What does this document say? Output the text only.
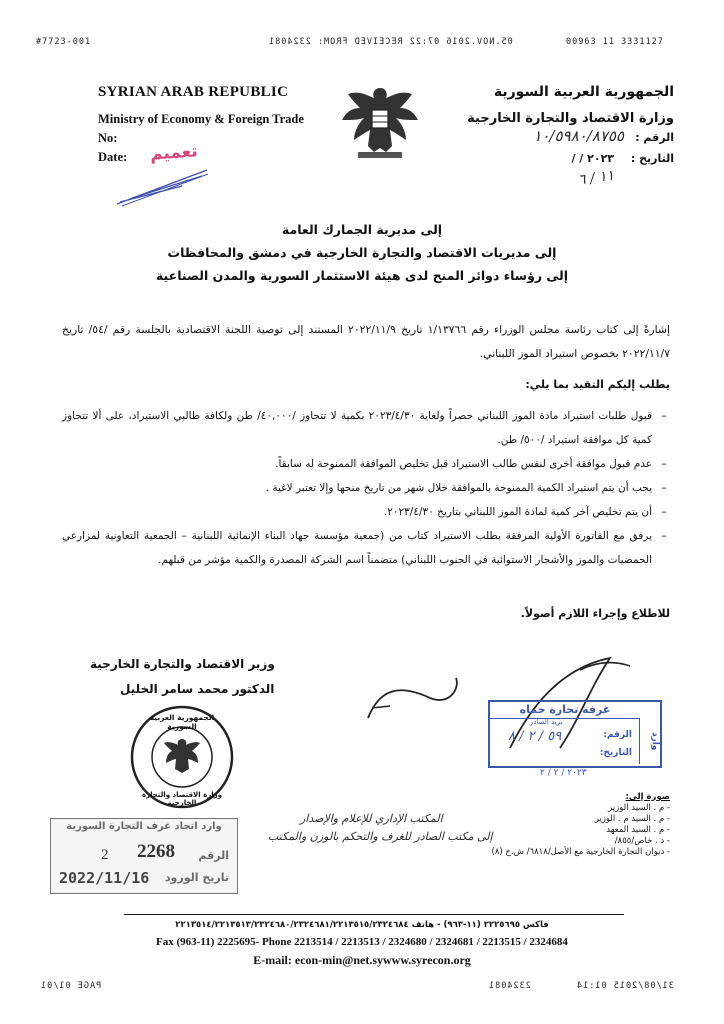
#7723-001	05.NOV.2016 07:22 RECEIVED FROM: 2324081	00963 11 3331127
SYRIAN ARAB REPUBLIC
Ministry of Economy & Foreign Trade
No:
Date: تعميم
الجمهورية العربية السورية
وزارة الاقتصاد والتجارة الخارجية
الرقم :
١٠/٥٩٨٠/٨٧٥٥
التاريخ :
/ / ٢٠٢٣
١١ / ٦
إلى مديرية الجمارك العامة
إلى مديريات الاقتصاد والتجارة الخارجية في دمشق والمحافظات
إلى رؤساء دوائر المنح لدى هيئة الاستثمار السورية والمدن الصناعية
إشارةً إلى كتاب رئاسة مجلس الوزراء رقم ١/١٣٧٦٦ تاريخ ٢٠٢٢/١١/٩ المستند إلى توصية اللجنة الاقتصادية بالجلسة رقم /٥٤/ تاريخ ٢٠٢٢/١١/٧ بخصوص استيراد الموز اللبناني.
يطلب إليكم التقيد بما يلي:
–
قبول طلبات استيراد مادة الموز اللبناني حصراً ولغاية ٢٠٢٣/٤/٣٠ بكمية لا تتجاوز /٤٠,٠٠٠/ طن ولكافة طالبي الاستيراد، على ألا تتجاوز كمية كل موافقة استيراد /٥٠٠/ طن.
–
عدم قبول موافقة أخرى لنفس طالب الاستيراد قبل تخليص الموافقة الممنوحة له سابقاً.
–
يجب أن يتم استيراد الكمية الممنوحة بالموافقة خلال شهر من تاريخ منحها وإلا تعتبر لاغية .
–
أن يتم تخليص آخر كمية لمادة الموز اللبناني بتاريخ ٢٠٢٣/٤/٣٠.
–
يرفق مع الفاتورة الأولية المرفقة بطلب الاستيراد كتاب من (جمعية مؤسسة جهاد البناء الإنمائية اللبنانية – الجمعية التعاونية لمزارعي الحمضيات والموز والأشجار الاستوائية في الجنوب اللبناني) متضمناً اسم الشركة المصدرة والكمية مؤشر من قبلهم.
للاطلاع وإجراء اللازم أصولاً.
وزير الاقتصاد والتجارة الخارجية
الدكتور محمد سامر الخليل
الجمهورية العربية السورية
وزارة الاقتصاد والتجارة الخارجية
غرفة تجارة حماه
بريد الصادر
الرقم:
٥٩ / ٢ / ٨
التاريخ:
وارد
٢٠٢٣ / ٢ / ٢
المكتب الإداري للإعلام والإصدار
إلى مكتب الصادر للغرف والتحكم بالوزن والمكتب
صورة إلى:
- م . السيد الوزير
- م . السيد م . الوزير
- م . السيد المعهد
- د . خاص/٨٥٥/
- ديوان التجارة الخارجية مع الأصل/٦٨١٨/ ش.خ (٨)
وارد اتحاد غرف التجارة السورية
الرقم
2268
2
تاريخ الورود
2022/11/16
فاكس ٢٢٢٥٦٩٥ (١١-٩٦٣) - هاتف ٢٢١٣٥١٤/٢٢١٣٥١٣/٢٣٢٤٦٨٠/٢٣٢٤٦٨١/٢٢١٣٥١٥/٢٣٢٤٦٨٤
Fax (963-11) 2225695- Phone 2213514 / 2213513 / 2324680 / 2324681 / 2213515 / 2324684
E-mail: econ-min@net.sywww.syrecon.org
PAGE 01/01	2324081	31/08/2015 01:14
